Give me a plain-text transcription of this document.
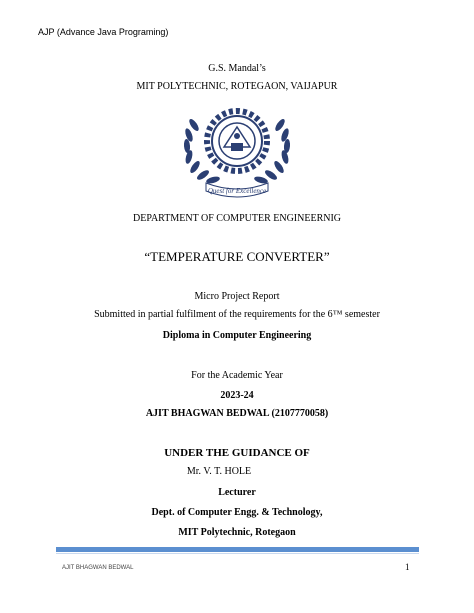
AJP (Advance Java Programing)
G.S. Mandal’s
MIT POLYTECHNIC, ROTEGAON, VAIJAPUR
Quest for Excellence
DEPARTMENT OF COMPUTER ENGINEERNIG
“TEMPERATURE CONVERTER”
Micro Project Report
Submitted in partial fulfilment of the requirements for the 6™ semester
Diploma in Computer Engineering
For the Academic Year
2023-24
AJIT BHAGWAN BEDWAL (2107770058)
UNDER THE GUIDANCE OF
Mr. V. T. HOLE
Lecturer
Dept. of Computer Engg. & Technology,
MIT Polytechnic, Rotegaon
AJIT BHAGWAN BEDWAL	1
